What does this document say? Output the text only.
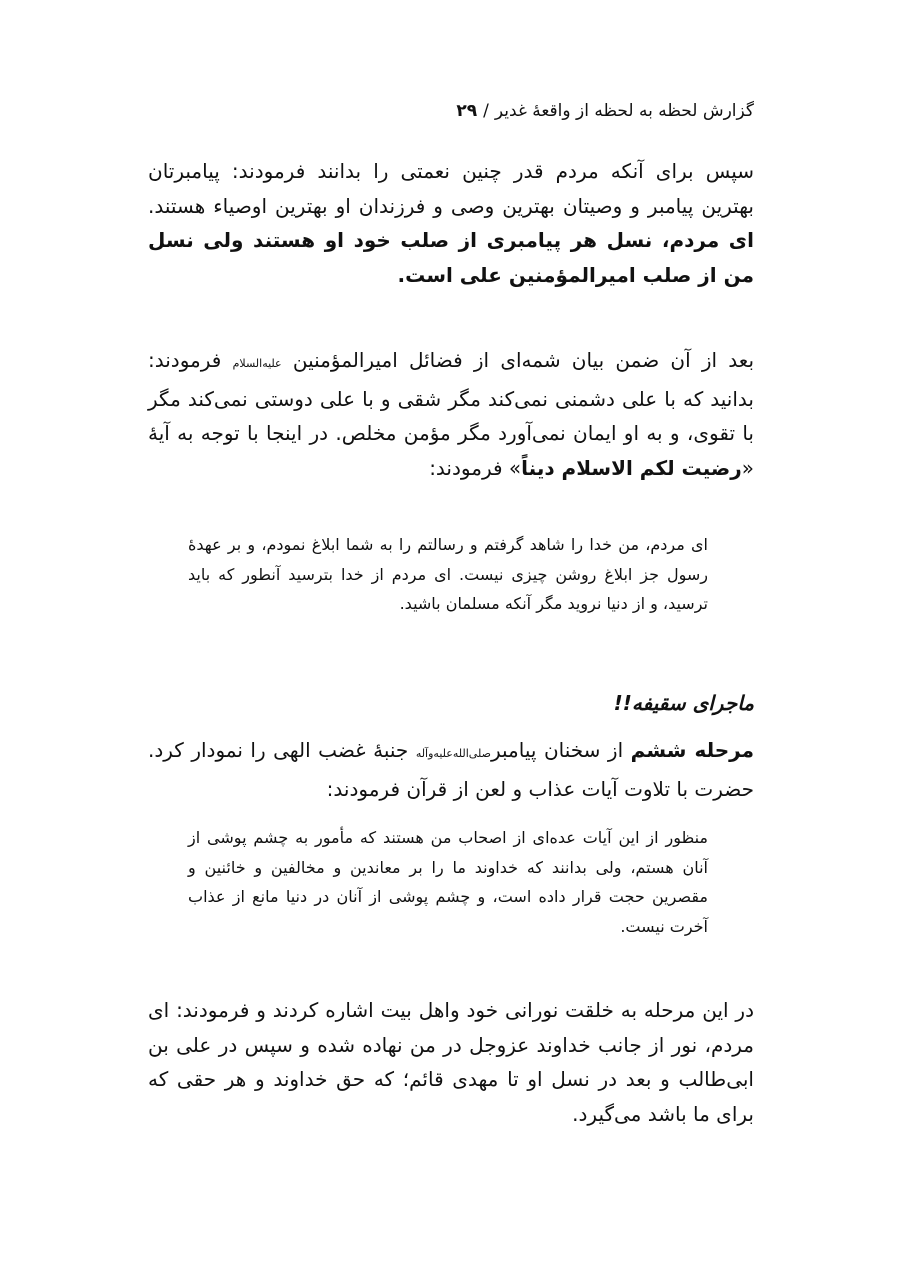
گزارش لحظه به لحظه از واقعۀ غدیر/۲۹

سپس برای آنکه مردم قدر چنین نعمتی را بدانند فرمودند: پیامبرتان بهترین پیامبر و وصیتان بهترین وصی و فرزندان او بهترین اوصیاء هستند. ای مردم، نسل هر پیامبری از صلب خود او هستند ولی نسل من از صلب امیرالمؤمنین علی است.

بعد از آن ضمن بیان شمه‌ای از فضائل امیرالمؤمنین علیه‌السلام فرمودند: بدانید که با علی دشمنی نمی‌کند مگر شقی و با علی دوستی نمی‌کند مگر با تقوی، و به او ایمان نمی‌آورد مگر مؤمن مخلص. در اینجا با توجه به آیۀ «رضیت لکم الاسلام دیناً» فرمودند:

ای مردم، من خدا را شاهد گرفتم و رسالتم را به شما ابلاغ نمودم، و بر عهدۀ رسول جز ابلاغ روشن چیزی نیست. ای مردم از خدا بترسید آنطور که باید ترسید، و از دنیا نروید مگر آنکه مسلمان باشید.
ماجرای سقیفه!!

مرحله ششم از سخنان پیامبرصلی‌الله‌علیه‌وآله جنبۀ غضب الهی را نمودار کرد. حضرت با تلاوت آیات عذاب و لعن از قرآن فرمودند:

منظور از این آیات عده‌ای از اصحاب من هستند که مأمور به چشم پوشی از آنان هستم، ولی بدانند که خداوند ما را بر معاندین و مخالفین و خائنین و مقصرین حجت قرار داده است، و چشم پوشی از آنان در دنیا مانع از عذاب آخرت نیست.

در این مرحله به خلقت نورانی خود واهل بیت اشاره کردند و فرمودند: ای مردم، نور از جانب خداوند عزوجل در من نهاده شده و سپس در علی بن ابی‌طالب و بعد در نسل او تا مهدی قائم؛ که حق خداوند و هر حقی که برای ما باشد می‌گیرد.
